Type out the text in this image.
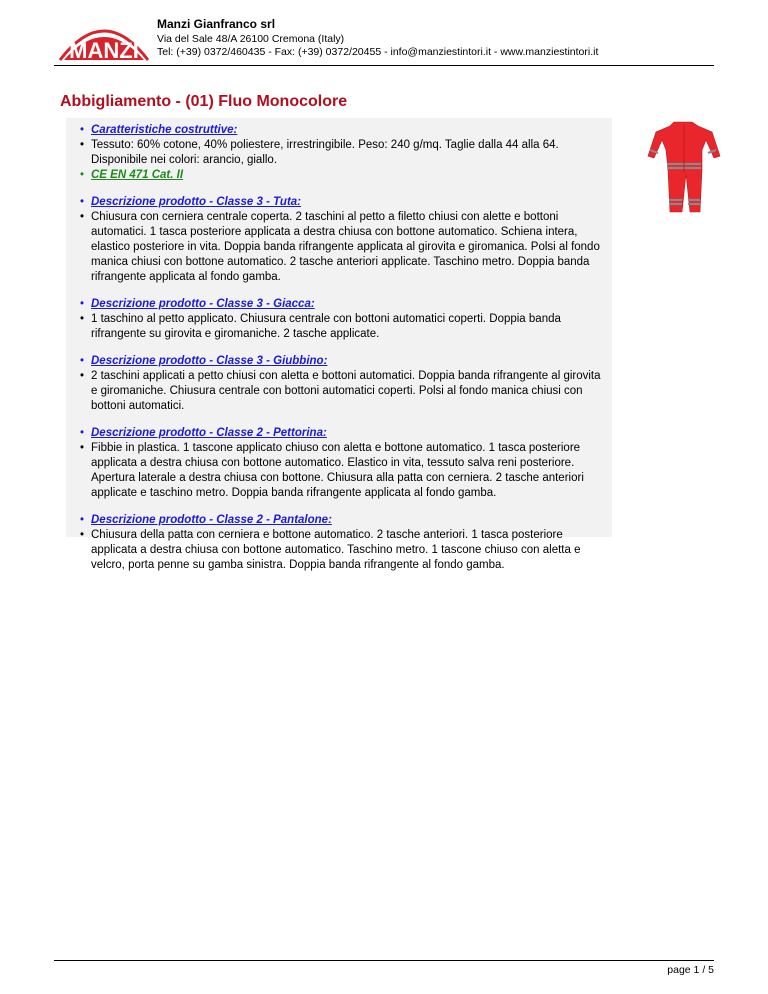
MANZI
Manzi Gianfranco srl
Via del Sale 48/A 26100 Cremona (Italy)
Tel: (+39) 0372/460435 - Fax: (+39) 0372/20455 - info@manziestintori.it - www.manziestintori.it
Abbigliamento - (01) Fluo Monocolore
• Caratteristiche costruttive:
• Tessuto: 60% cotone, 40% poliestere, irrestringibile. Peso: 240 g/mq. Taglie dalla 44 alla 64. Disponibile nei colori: arancio, giallo.
• CE EN 471 Cat. II
• Descrizione prodotto - Classe 3 - Tuta:
• Chiusura con cerniera centrale coperta. 2 taschini al petto a filetto chiusi con alette e bottoni automatici. 1 tasca posteriore applicata a destra chiusa con bottone automatico. Schiena intera, elastico posteriore in vita. Doppia banda rifrangente applicata al girovita e giromanica. Polsi al fondo manica chiusi con bottone automatico. 2 tasche anteriori applicate. Taschino metro. Doppia banda rifrangente applicata al fondo gamba.
• Descrizione prodotto - Classe 3 - Giacca:
• 1 taschino al petto applicato. Chiusura centrale con bottoni automatici coperti. Doppia banda rifrangente su girovita e giromaniche. 2 tasche applicate.
• Descrizione prodotto - Classe 3 - Giubbino:
• 2 taschini applicati a petto chiusi con aletta e bottoni automatici. Doppia banda rifrangente al girovita e giromaniche. Chiusura centrale con bottoni automatici coperti. Polsi al fondo manica chiusi con bottoni automatici.
• Descrizione prodotto - Classe 2 - Pettorina:
• Fibbie in plastica. 1 tascone applicato chiuso con aletta e bottone automatico. 1 tasca posteriore applicata a destra chiusa con bottone automatico. Elastico in vita, tessuto salva reni posteriore. Apertura laterale a destra chiusa con bottone. Chiusura alla patta con cerniera. 2 tasche anteriori applicate e taschino metro. Doppia banda rifrangente applicata al fondo gamba.
• Descrizione prodotto - Classe 2 - Pantalone:
• Chiusura della patta con cerniera e bottone automatico. 2 tasche anteriori. 1 tasca posteriore applicata a destra chiusa con bottone automatico. Taschino metro. 1 tascone chiuso con aletta e velcro, porta penne su gamba sinistra. Doppia banda rifrangente al fondo gamba.
page 1 / 5
